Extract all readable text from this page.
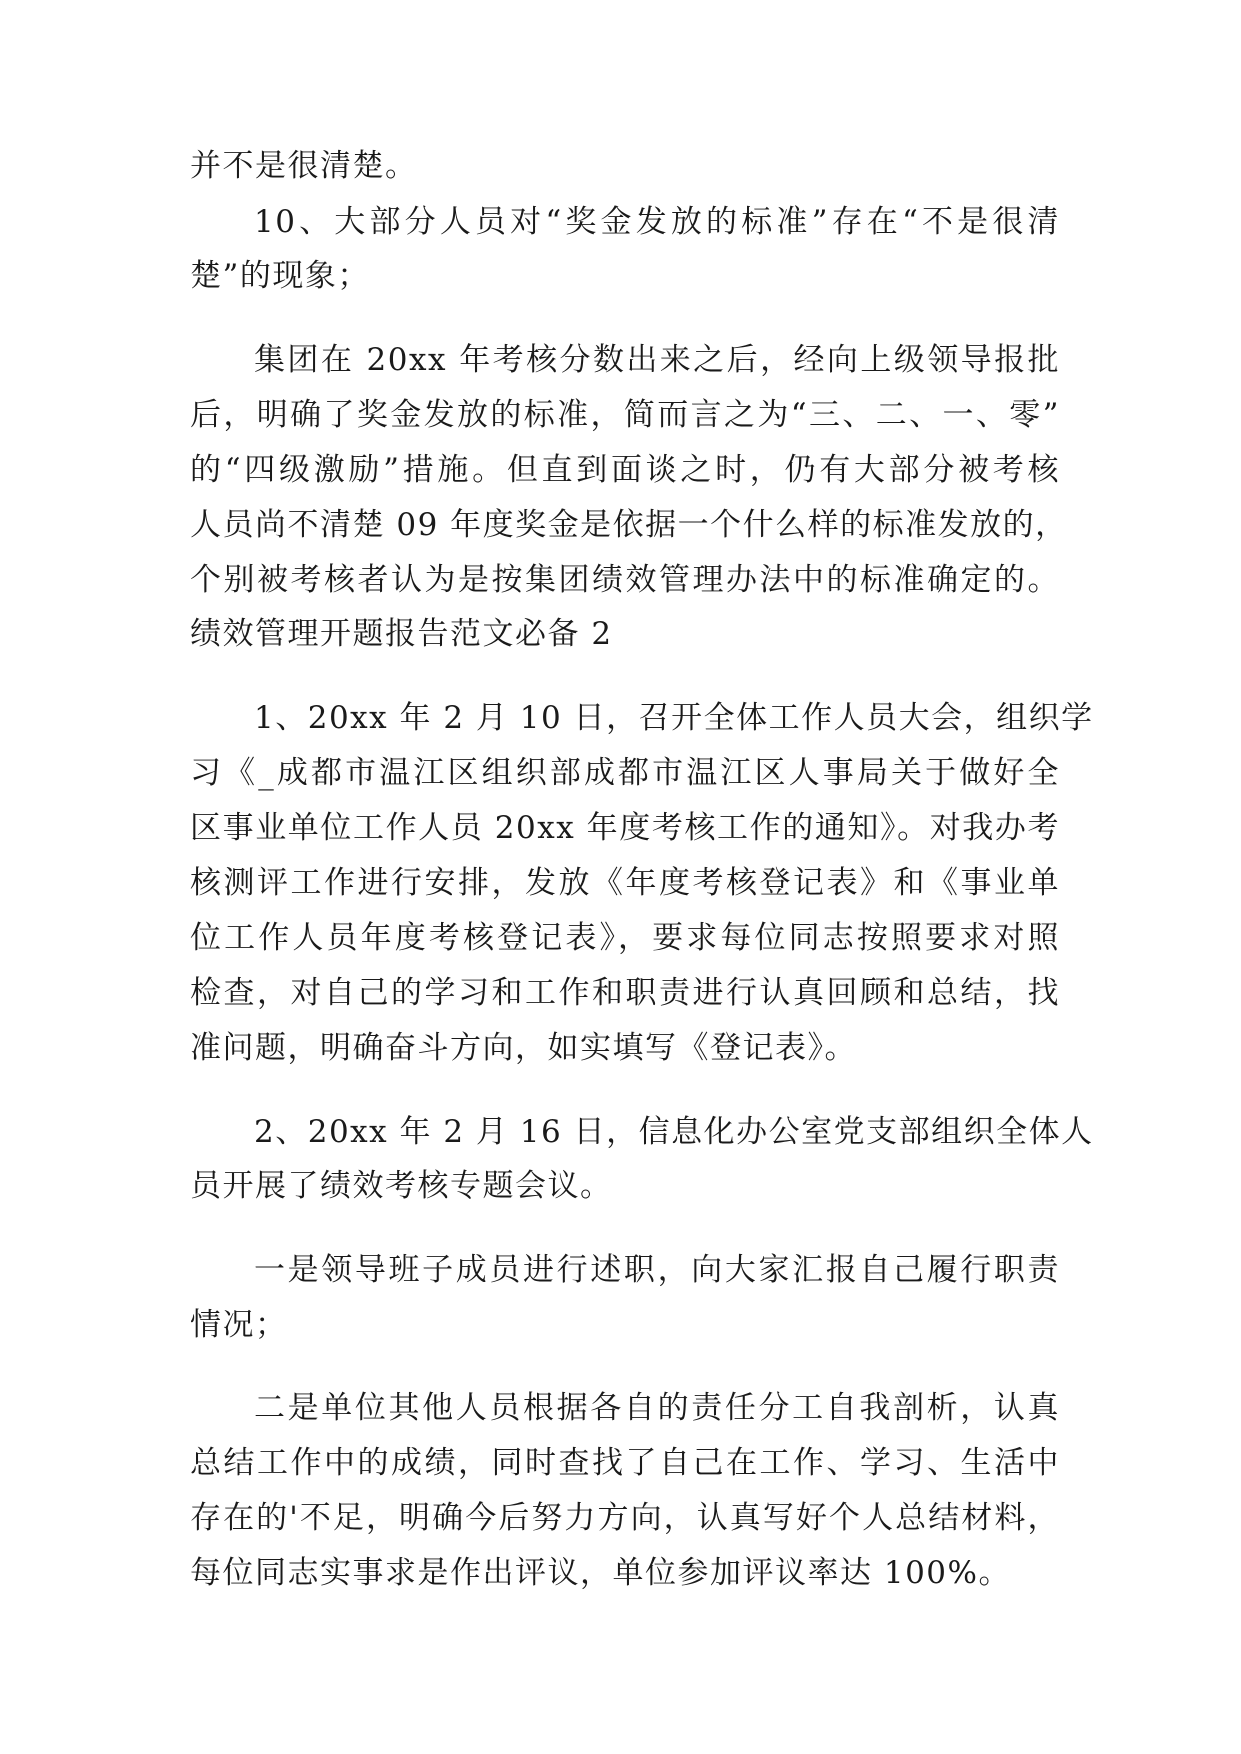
并不是很清楚。
10、大部分人员对“奖金发放的标准”存在“不是很清
楚”的现象；
集团在 20xx 年考核分数出来之后，经向上级领导报批
后，明确了奖金发放的标准，简而言之为“三、二、一、零”
的“四级激励”措施。但直到面谈之时，仍有大部分被考核
人员尚不清楚 09 年度奖金是依据一个什么样的标准发放的，
个别被考核者认为是按集团绩效管理办法中的标准确定的。
绩效管理开题报告范文必备 2
1、20xx 年 2 月 10 日，召开全体工作人员大会，组织学
习《_成都市温江区组织部成都市温江区人事局关于做好全
区事业单位工作人员 20xx 年度考核工作的通知》。对我办考
核测评工作进行安排，发放《年度考核登记表》和《事业单
位工作人员年度考核登记表》，要求每位同志按照要求对照
检查，对自己的学习和工作和职责进行认真回顾和总结，找
准问题，明确奋斗方向，如实填写《登记表》。
2、20xx 年 2 月 16 日，信息化办公室党支部组织全体人
员开展了绩效考核专题会议。
一是领导班子成员进行述职，向大家汇报自己履行职责
情况；
二是单位其他人员根据各自的责任分工自我剖析，认真
总结工作中的成绩，同时查找了自己在工作、学习、生活中
存在的'不足，明确今后努力方向，认真写好个人总结材料，
每位同志实事求是作出评议，单位参加评议率达 100%。
